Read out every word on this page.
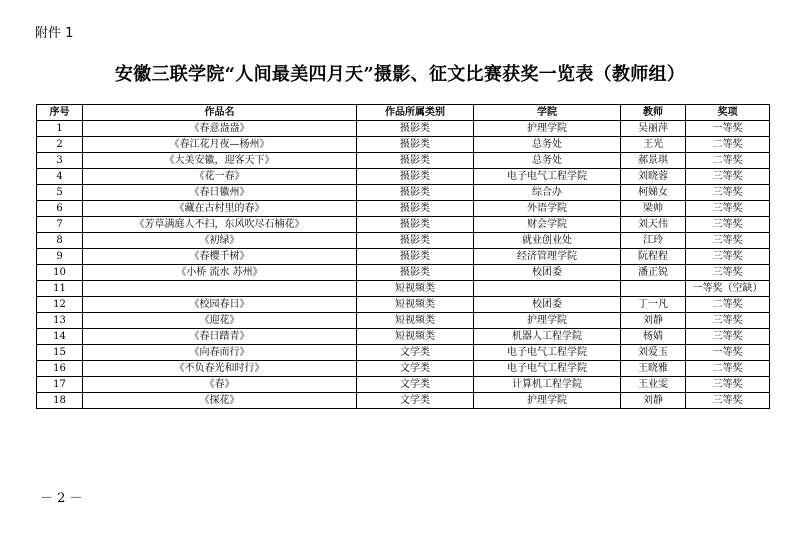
附件 1
安徽三联学院“人间最美四月天”摄影、征文比赛获奖一览表（教师组）
序号	作品名	作品所属类别	学院	教师	奖项
1	《春意盎盎》	摄影类	护理学院	吴丽萍	一等奖
2	《春江花月夜—杨州》	摄影类	总务处	王光	二等奖
3	《大美安徽，迎客天下》	摄影类	总务处	郝景琪	二等奖
4	《花一春》	摄影类	电子电气工程学院	刘晓蓉	三等奖
5	《春日徽州》	摄影类	综合办	柯娣女	三等奖
6	《藏在古村里的春》	摄影类	外语学院	梁帅	三等奖
7	《芳草满庭人不扫，东风吹尽石楠花》	摄影类	财会学院	刘天伟	三等奖
8	《初绿》	摄影类	就业创业处	江玲	三等奖
9	《春樱千树》	摄影类	经济管理学院	阮程程	三等奖
10	《小桥 流水 苏州》	摄影类	校团委	潘正锐	三等奖
11		短视频类			一等奖（空缺）
12	《校园春日》	短视频类	校团委	丁一凡	二等奖
13	《迎花》	短视频类	护理学院	刘静	三等奖
14	《春日踏青》	短视频类	机器人工程学院	杨婧	三等奖
15	《向春而行》	文学类	电子电气工程学院	刘爱玉	一等奖
16	《不负春光和时行》	文学类	电子电气工程学院	王晓雅	二等奖
17	《春》	文学类	计算机工程学院	王业雯	三等奖
18	《探花》	文学类	护理学院	刘静	三等奖
－ 2 －
